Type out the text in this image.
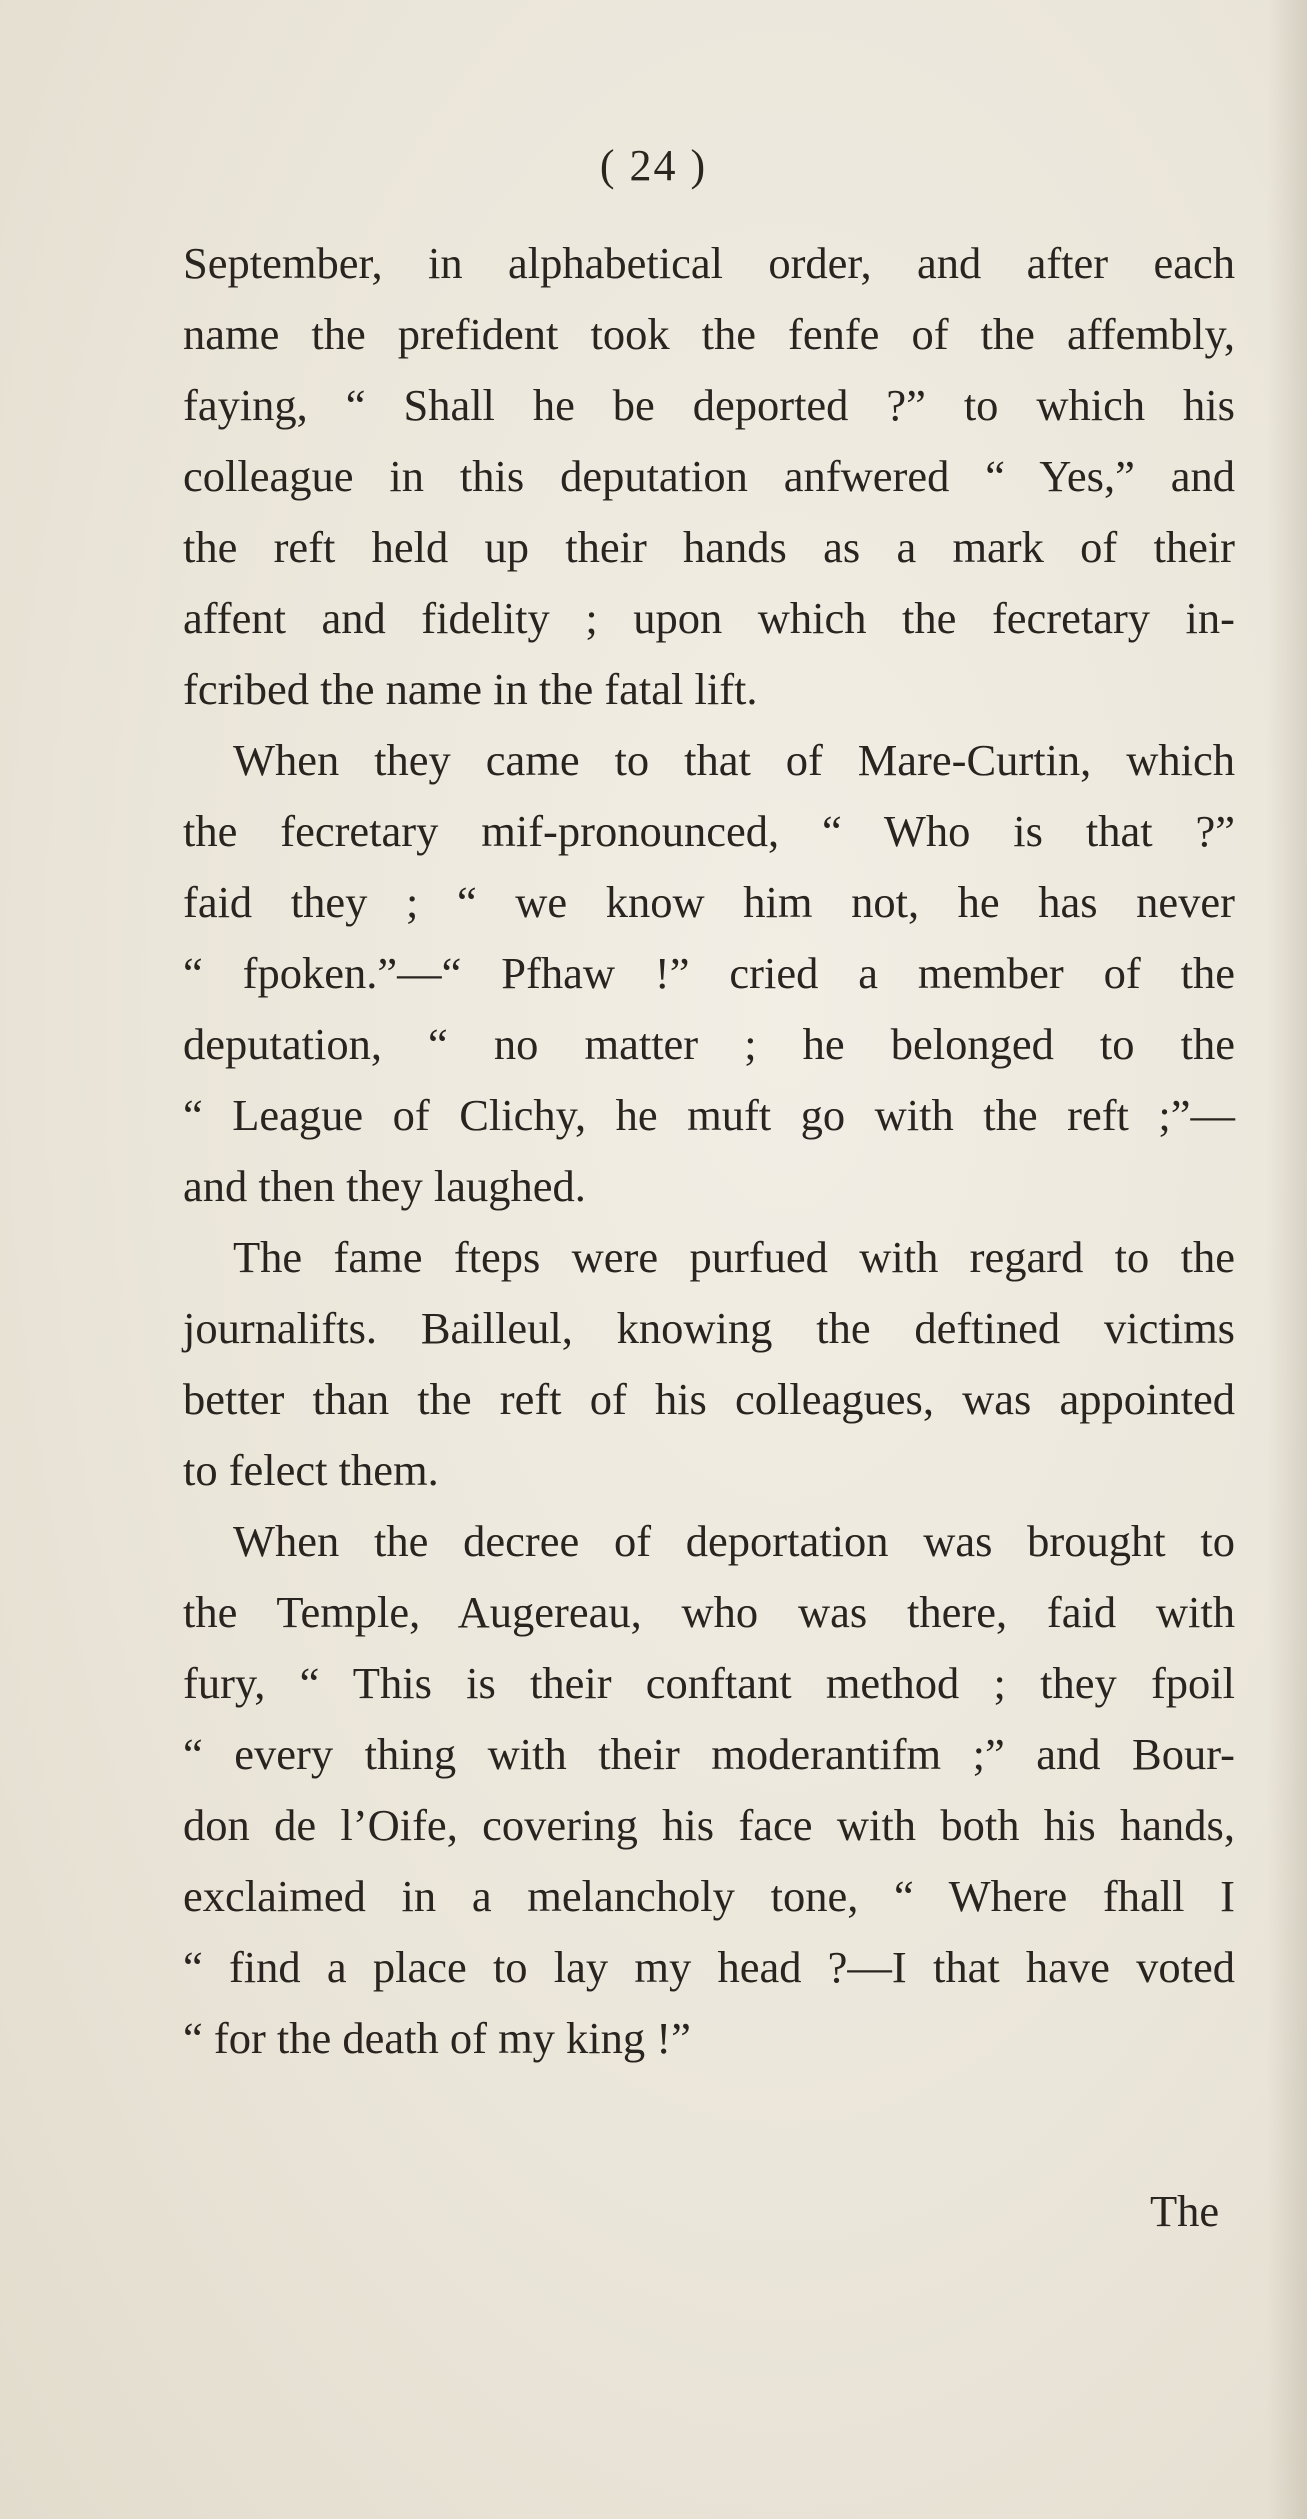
( 24 )
September, in alphabetical order, and after each
name the prefident took the fenfe of the affembly,
faying, “ Shall he be deported ?” to which his
colleague in this deputation anfwered “ Yes,” and
the reft held up their hands as a mark of their
affent and fidelity ; upon which the fecretary in-
fcribed the name in the fatal lift.
When they came to that of Mare-Curtin, which
the fecretary mif-pronounced, “ Who is that ?”
faid they ; “ we know him not, he has never
“ fpoken.”—“ Pfhaw !” cried a member of the
deputation, “ no matter ; he belonged to the
“ League of Clichy, he muft go with the reft ;”—
and then they laughed.
The fame fteps were purfued with regard to the
journalifts. Bailleul, knowing the deftined victims
better than the reft of his colleagues, was appointed
to felect them.
When the decree of deportation was brought to
the Temple, Augereau, who was there, faid with
fury, “ This is their conftant method ; they fpoil
“ every thing with their moderantifm ;” and Bour-
don de l’Oife, covering his face with both his hands,
exclaimed in a melancholy tone, “ Where fhall I
“ find a place to lay my head ?—I that have voted
“ for the death of my king !”
The
